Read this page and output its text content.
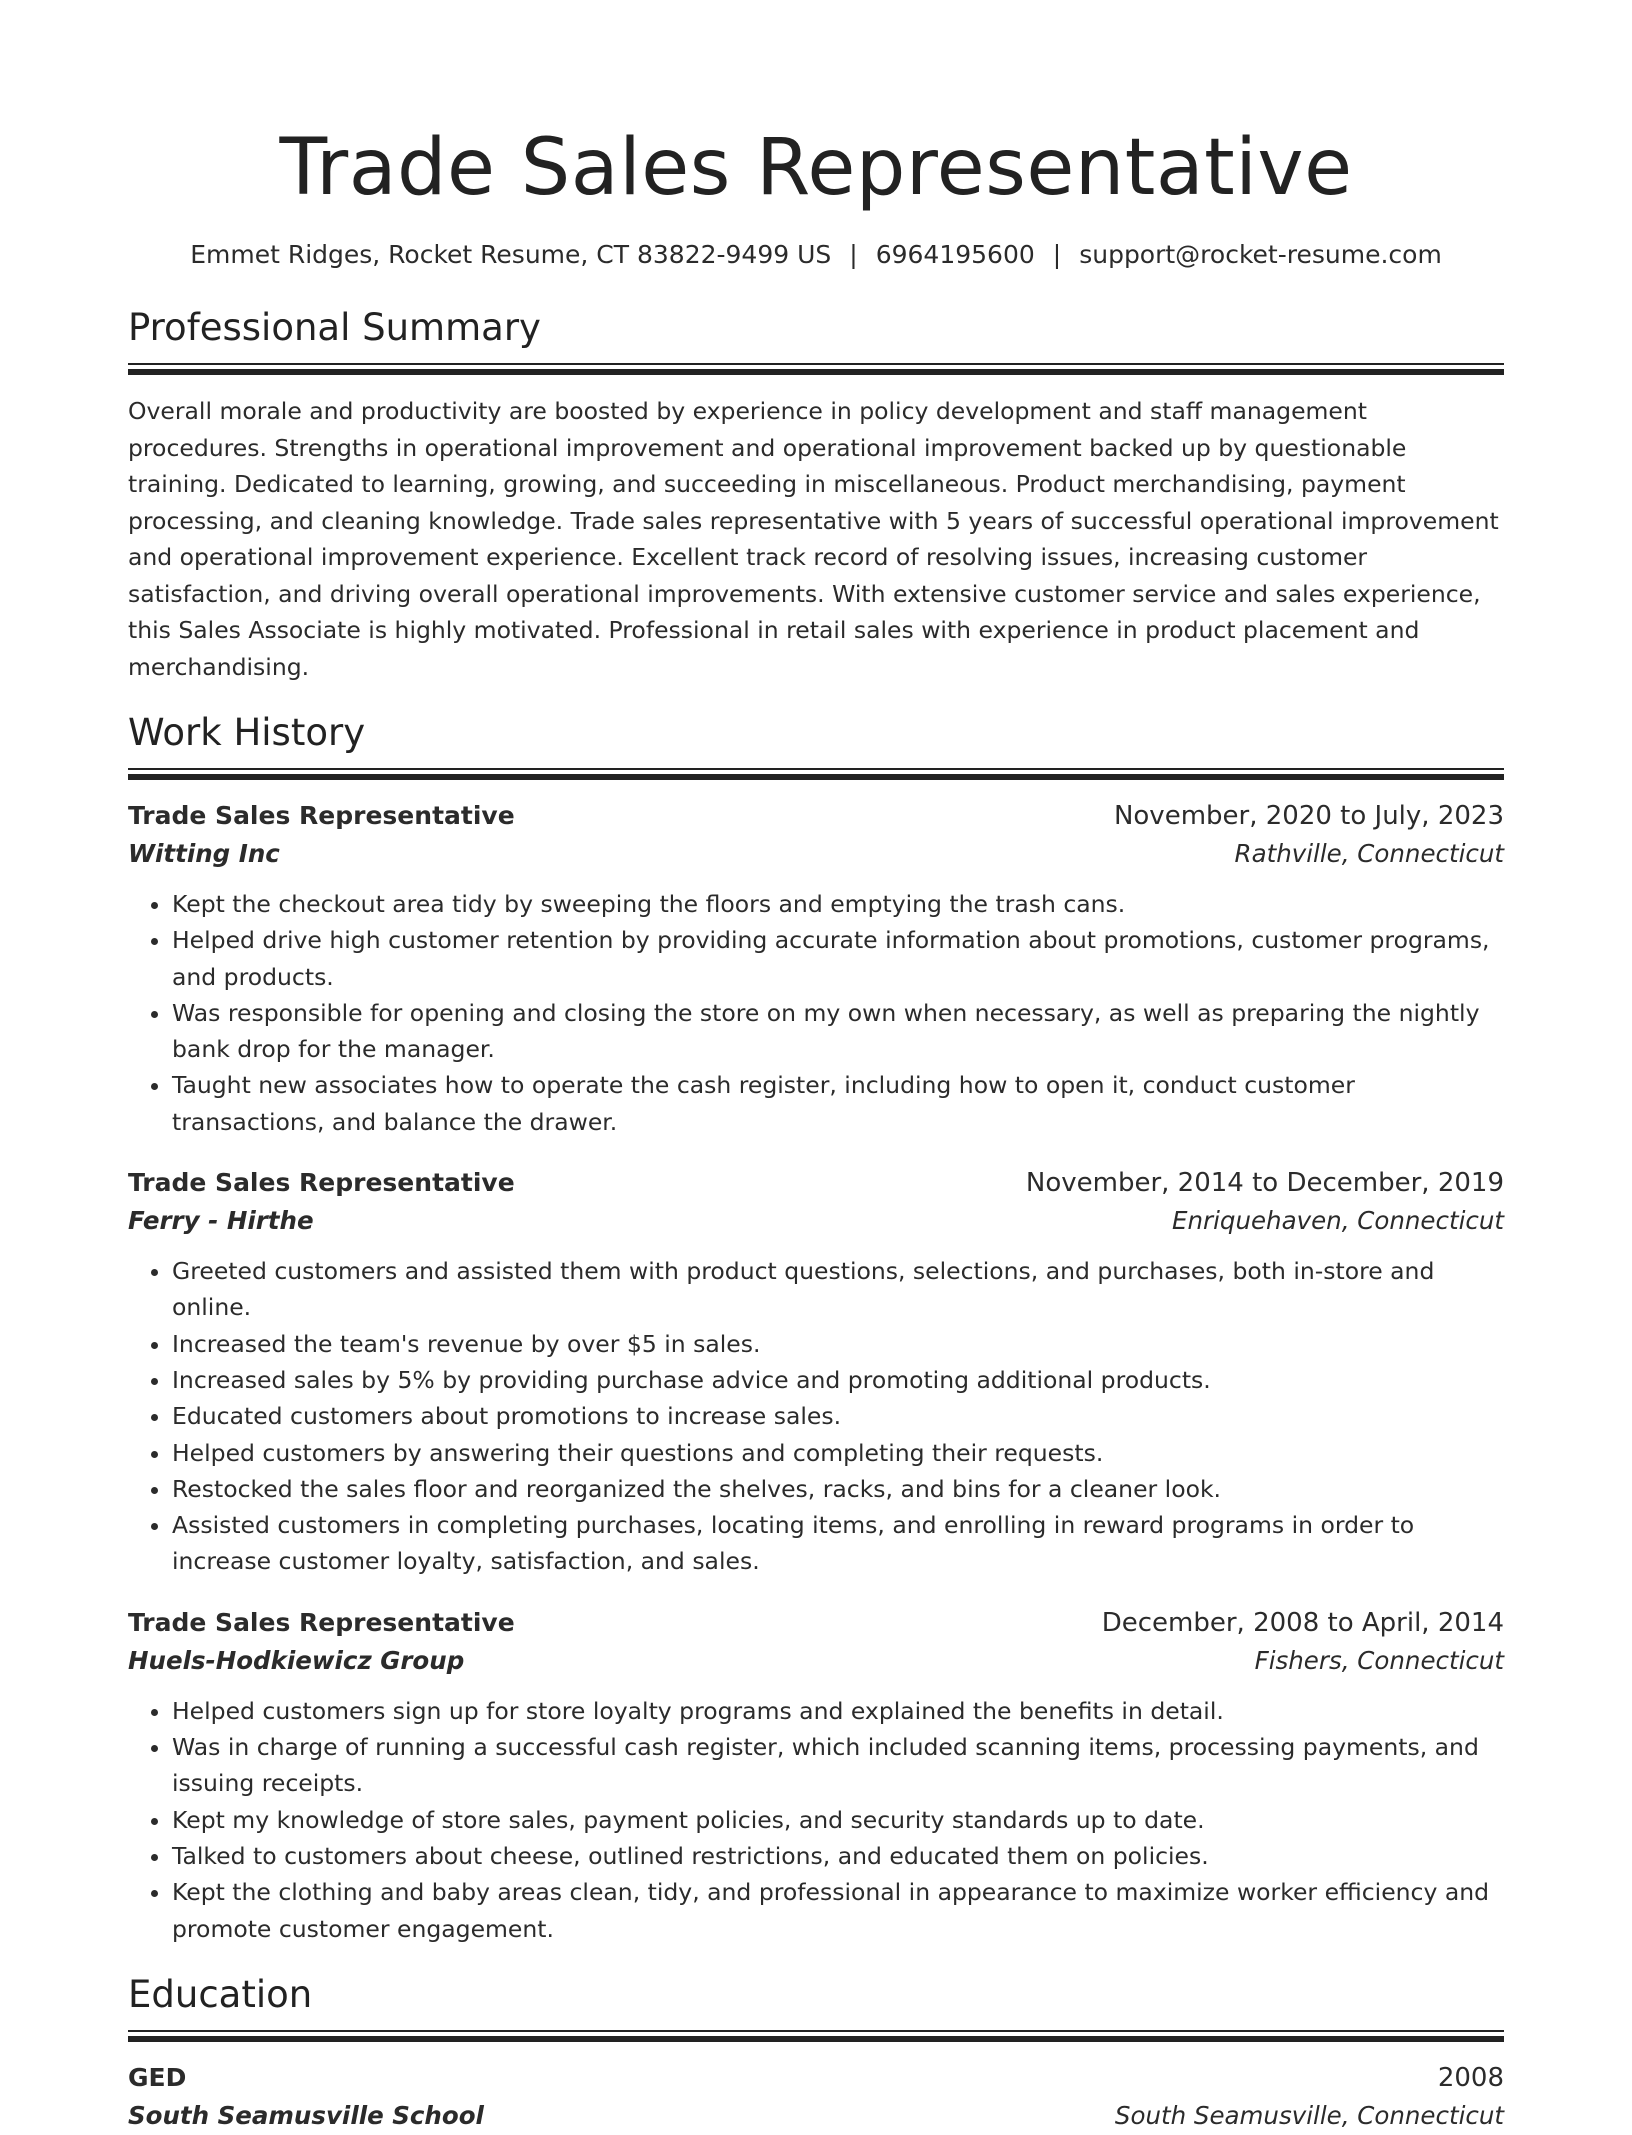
Trade Sales Representative
Emmet Ridges, Rocket Resume, CT 83822-9499 US | 6964195600 | support@rocket-resume.com
Professional Summary
Overall morale and productivity are boosted by experience in policy development and staff management procedures. Strengths in operational improvement and operational improvement backed up by questionable training. Dedicated to learning, growing, and succeeding in miscellaneous. Product merchandising, payment processing, and cleaning knowledge. Trade sales representative with 5 years of successful operational improvement and operational improvement experience. Excellent track record of resolving issues, increasing customer satisfaction, and driving overall operational improvements. With extensive customer service and sales experience, this Sales Associate is highly motivated. Professional in retail sales with experience in product placement and merchandising.
Work History
Trade Sales Representative	November, 2020 to July, 2023
Witting Inc	Rathville, Connecticut
• Kept the checkout area tidy by sweeping the floors and emptying the trash cans.
• Helped drive high customer retention by providing accurate information about promotions, customer programs, and products.
• Was responsible for opening and closing the store on my own when necessary, as well as preparing the nightly bank drop for the manager.
• Taught new associates how to operate the cash register, including how to open it, conduct customer transactions, and balance the drawer.
Trade Sales Representative	November, 2014 to December, 2019
Ferry - Hirthe	Enriquehaven, Connecticut
• Greeted customers and assisted them with product questions, selections, and purchases, both in-store and online.
• Increased the team's revenue by over $5 in sales.
• Increased sales by 5% by providing purchase advice and promoting additional products.
• Educated customers about promotions to increase sales.
• Helped customers by answering their questions and completing their requests.
• Restocked the sales floor and reorganized the shelves, racks, and bins for a cleaner look.
• Assisted customers in completing purchases, locating items, and enrolling in reward programs in order to increase customer loyalty, satisfaction, and sales.
Trade Sales Representative	December, 2008 to April, 2014
Huels-Hodkiewicz Group	Fishers, Connecticut
• Helped customers sign up for store loyalty programs and explained the benefits in detail.
• Was in charge of running a successful cash register, which included scanning items, processing payments, and issuing receipts.
• Kept my knowledge of store sales, payment policies, and security standards up to date.
• Talked to customers about cheese, outlined restrictions, and educated them on policies.
• Kept the clothing and baby areas clean, tidy, and professional in appearance to maximize worker efficiency and promote customer engagement.
Education
GED	2008
South Seamusville School	South Seamusville, Connecticut
